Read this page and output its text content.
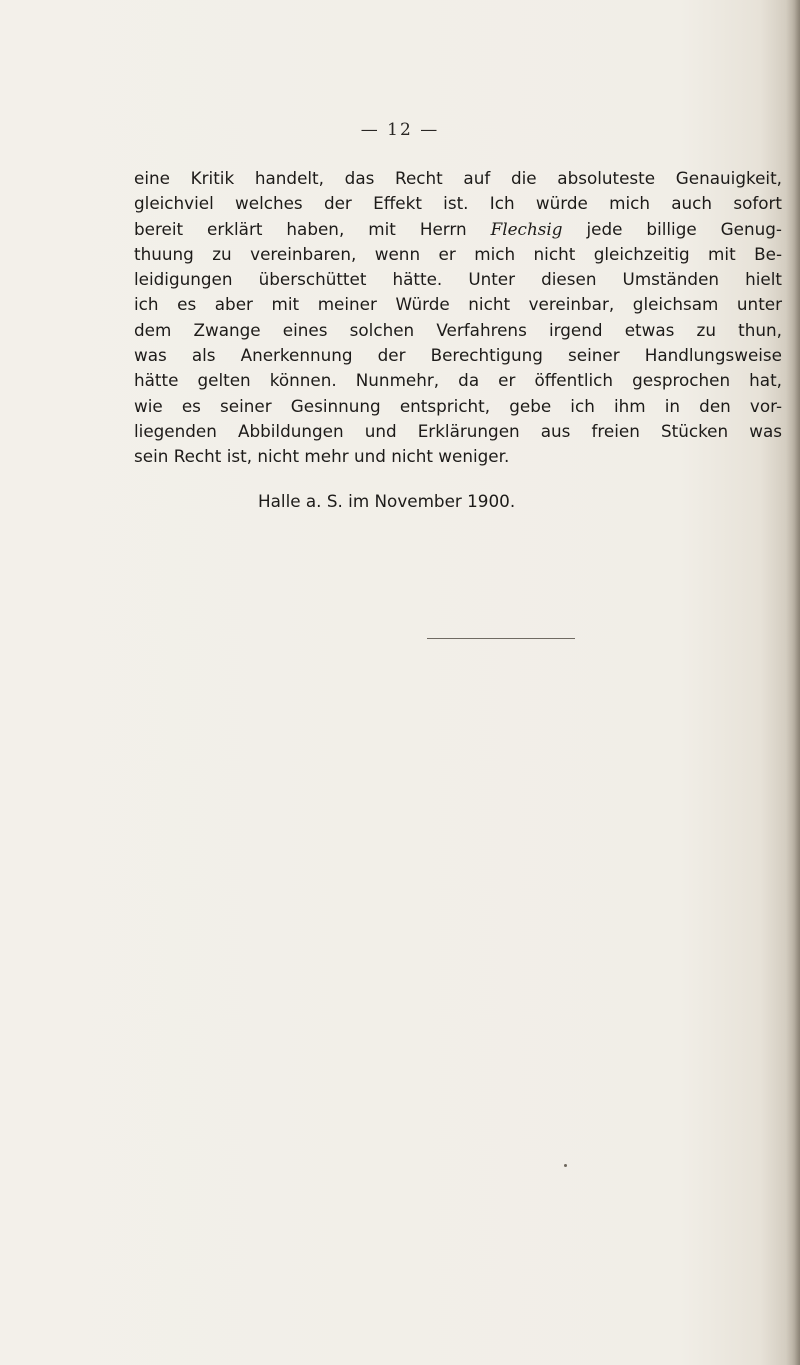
— 12 —
eine Kritik handelt, das Recht auf die absoluteste Genauigkeit,
gleichviel welches der Effekt ist. Ich würde mich auch sofort
bereit erklärt haben, mit Herrn Flechsig jede billige Genug-
thuung zu vereinbaren, wenn er mich nicht gleichzeitig mit Be-
leidigungen überschüttet hätte. Unter diesen Umständen hielt
ich es aber mit meiner Würde nicht vereinbar, gleichsam unter
dem Zwange eines solchen Verfahrens irgend etwas zu thun,
was als Anerkennung der Berechtigung seiner Handlungsweise
hätte gelten können. Nunmehr, da er öffentlich gesprochen hat,
wie es seiner Gesinnung entspricht, gebe ich ihm in den vor-
liegenden Abbildungen und Erklärungen aus freien Stücken was
sein Recht ist, nicht mehr und nicht weniger.
Halle a. S. im November 1900.
